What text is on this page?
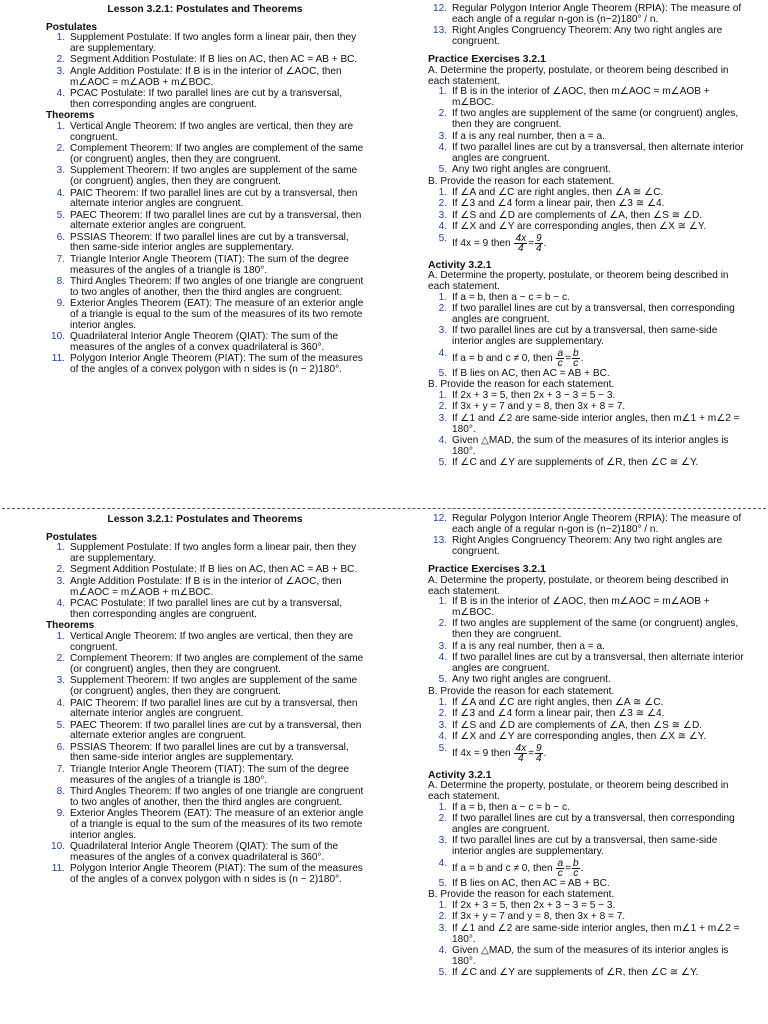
Lesson 3.2.1: Postulates and Theorems
Postulates
1. Supplement Postulate: If two angles form a linear pair, then they are supplementary.
2. Segment Addition Postulate: If B lies on AC, then AC = AB + BC.
3. Angle Addition Postulate: If B is in the interior of ∠AOC, then m∠AOC = m∠AOB + m∠BOC.
4. PCAC Postulate: If two parallel lines are cut by a transversal, then corresponding angles are congruent.
Theorems
1. Vertical Angle Theorem: If two angles are vertical, then they are congruent.
2. Complement Theorem: If two angles are complement of the same (or congruent) angles, then they are congruent.
3. Supplement Theorem: If two angles are supplement of the same (or congruent) angles, then they are congruent.
4. PAIC Theorem: If two parallel lines are cut by a transversal, then alternate interior angles are congruent.
5. PAEC Theorem: If two parallel lines are cut by a transversal, then alternate exterior angles are congruent.
6. PSSIAS Theorem: If two parallel lines are cut by a transversal, then same-side interior angles are supplementary.
7. Triangle Interior Angle Theorem (TIAT): The sum of the degree measures of the angles of a triangle is 180°.
8. Third Angles Theorem: If two angles of one triangle are congruent to two angles of another, then the third angles are congruent.
9. Exterior Angles Theorem (EAT): The measure of an exterior angle of a triangle is equal to the sum of the measures of its two remote interior angles.
10. Quadrilateral Interior Angle Theorem (QIAT): The sum of the measures of the angles of a convex quadrilateral is 360°.
11. Polygon Interior Angle Theorem (PIAT): The sum of the measures of the angles of a convex polygon with n sides is (n − 2)180°.
12. Regular Polygon Interior Angle Theorem (RPIA): The measure of each angle of a regular n-gon is (n−2)180° / n.
13. Right Angles Congruency Theorem: Any two right angles are congruent.
Practice Exercises 3.2.1
A. Determine the property, postulate, or theorem being described in each statement.
1. If B is in the interior of ∠AOC, then m∠AOC = m∠AOB + m∠BOC.
2. If two angles are supplement of the same (or congruent) angles, then they are congruent.
3. If a is any real number, then a = a.
4. If two parallel lines are cut by a transversal, then alternate interior angles are congruent.
5. Any two right angles are congruent.
B. Provide the reason for each statement.
1. If ∠A and ∠C are right angles, then ∠A ≅ ∠C.
2. If ∠3 and ∠4 form a linear pair, then ∠3 ≅ ∠4.
3. If ∠S and ∠D are complements of ∠A, then ∠S ≅ ∠D.
4. If ∠X and ∠Y are corresponding angles, then ∠X ≅ ∠Y.
5. If 4x = 9 then $\frac{4x}{4} = \frac{9}{4}$ .
Activity 3.2.1
A. Determine the property, postulate, or theorem being described in each statement.
1. If a = b, then a − c = b − c.
2. If two parallel lines are cut by a transversal, then corresponding angles are congruent.
3. If two parallel lines are cut by a transversal, then same-side interior angles are supplementary.
4. If a = b and c ≠ 0, then $\frac{a}{c} = \frac{b}{c}$ .
5. If B lies on AC, then AC = AB + BC.
B. Provide the reason for each statement.
1. If 2x + 3 = 5, then 2x + 3 − 3 = 5 − 3.
2. If 3x + y = 7 and y = 8, then 3x + 8 = 7.
3. If ∠1 and ∠2 are same-side interior angles, then m∠1 + m∠2 = 180°.
4. Given △MAD, the sum of the measures of its interior angles is 180°.
5. If ∠C and ∠Y are supplements of ∠R, then ∠C ≅ ∠Y.
Lesson 3.2.1: Postulates and Theorems
Postulates
1. Supplement Postulate: If two angles form a linear pair, then they are supplementary.
2. Segment Addition Postulate: If B lies on AC, then AC = AB + BC.
3. Angle Addition Postulate: If B is in the interior of ∠AOC, then m∠AOC = m∠AOB + m∠BOC.
4. PCAC Postulate: If two parallel lines are cut by a transversal, then corresponding angles are congruent.
Theorems
1. Vertical Angle Theorem: If two angles are vertical, then they are congruent.
2. Complement Theorem: If two angles are complement of the same (or congruent) angles, then they are congruent.
3. Supplement Theorem: If two angles are supplement of the same (or congruent) angles, then they are congruent.
4. PAIC Theorem: If two parallel lines are cut by a transversal, then alternate interior angles are congruent.
5. PAEC Theorem: If two parallel lines are cut by a transversal, then alternate exterior angles are congruent.
6. PSSIAS Theorem: If two parallel lines are cut by a transversal, then same-side interior angles are supplementary.
7. Triangle Interior Angle Theorem (TIAT): The sum of the degree measures of the angles of a triangle is 180°.
8. Third Angles Theorem: If two angles of one triangle are congruent to two angles of another, then the third angles are congruent.
9. Exterior Angles Theorem (EAT): The measure of an exterior angle of a triangle is equal to the sum of the measures of its two remote interior angles.
10. Quadrilateral Interior Angle Theorem (QIAT): The sum of the measures of the angles of a convex quadrilateral is 360°.
11. Polygon Interior Angle Theorem (PIAT): The sum of the measures of the angles of a convex polygon with n sides is (n − 2)180°.
12. Regular Polygon Interior Angle Theorem (RPIA): The measure of each angle of a regular n-gon is (n−2)180° / n.
13. Right Angles Congruency Theorem: Any two right angles are congruent.
Practice Exercises 3.2.1
A. Determine the property, postulate, or theorem being described in each statement.
1. If B is in the interior of ∠AOC, then m∠AOC = m∠AOB + m∠BOC.
2. If two angles are supplement of the same (or congruent) angles, then they are congruent.
3. If a is any real number, then a = a.
4. If two parallel lines are cut by a transversal, then alternate interior angles are congruent.
5. Any two right angles are congruent.
B. Provide the reason for each statement.
1. If ∠A and ∠C are right angles, then ∠A ≅ ∠C.
2. If ∠3 and ∠4 form a linear pair, then ∠3 ≅ ∠4.
3. If ∠S and ∠D are complements of ∠A, then ∠S ≅ ∠D.
4. If ∠X and ∠Y are corresponding angles, then ∠X ≅ ∠Y.
5. If 4x = 9 then $\frac{4x}{4} = \frac{9}{4}$ .
Activity 3.2.1
A. Determine the property, postulate, or theorem being described in each statement.
1. If a = b, then a − c = b − c.
2. If two parallel lines are cut by a transversal, then corresponding angles are congruent.
3. If two parallel lines are cut by a transversal, then same-side interior angles are supplementary.
4. If a = b and c ≠ 0, then $\frac{a}{c} = \frac{b}{c}$ .
5. If B lies on AC, then AC = AB + BC.
B. Provide the reason for each statement.
1. If 2x + 3 = 5, then 2x + 3 − 3 = 5 − 3.
2. If 3x + y = 7 and y = 8, then 3x + 8 = 7.
3. If ∠1 and ∠2 are same-side interior angles, then m∠1 + m∠2 = 180°.
4. Given △MAD, the sum of the measures of its interior angles is 180°.
5. If ∠C and ∠Y are supplements of ∠R, then ∠C ≅ ∠Y.
